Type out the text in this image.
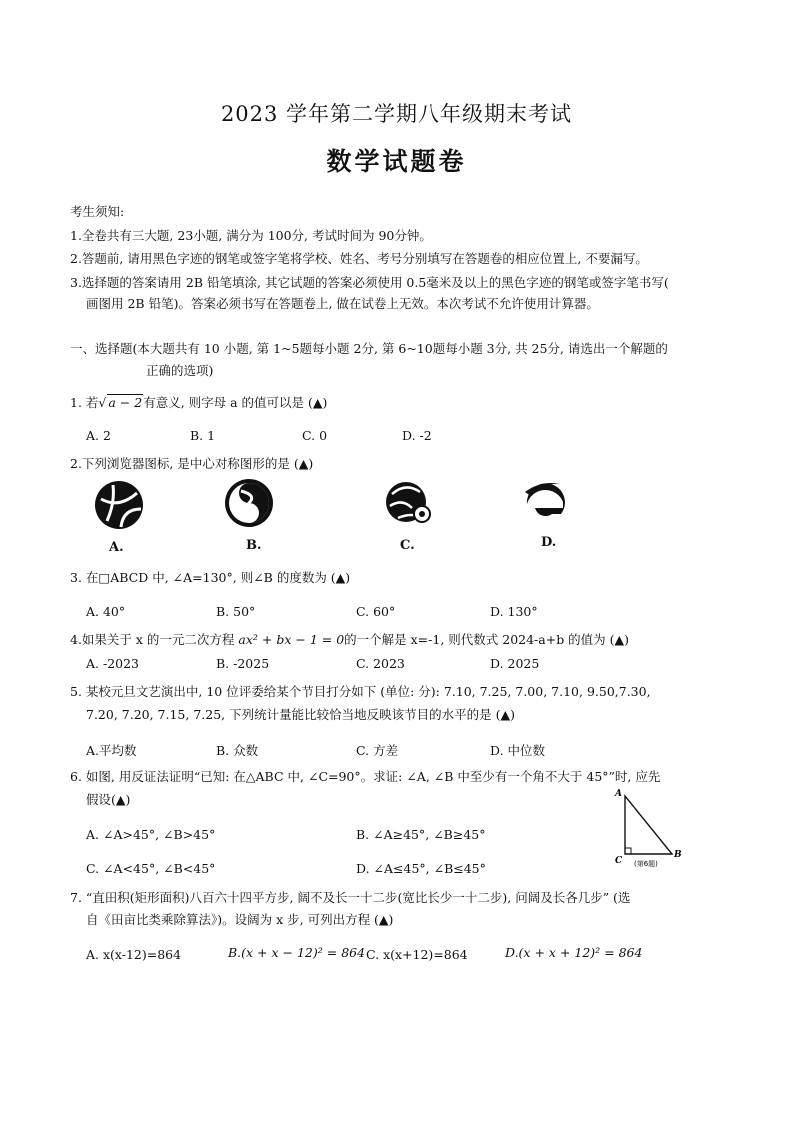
2023 学年第二学期八年级期末考试
数学试题卷
考生须知:
1.全卷共有三大题, 23小题, 满分为 100分, 考试时间为 90分钟。
2.答题前, 请用黑色字迹的钢笔或签字笔将学校、姓名、考号分别填写在答题卷的相应位置上, 不要漏写。
3.选择题的答案请用 2B 铅笔填涂, 其它试题的答案必须使用 0.5毫米及以上的黑色字迹的钢笔或签字笔书写(
画图用 2B 铅笔)。答案必须书写在答题卷上, 做在试卷上无效。本次考试不允许使用计算器。
一、选择题(本大题共有 10 小题, 第 1~5题每小题 2分, 第 6~10题每小题 3分, 共 25分, 请选出一个解题的
正确的选项)
1. 若√ a − 2有意义, 则字母 a 的值可以是 (▲)
A. 2	B. 1	C. 0	D. -2
2.下列浏览器图标, 是中心对称图形的是 (▲)
A.	B.	C.	D.
3. 在□ABCD 中, ∠A=130°, 则∠B 的度数为 (▲)
A. 40°	B. 50°	C. 60°	D. 130°
4.如果关于 x 的一元二次方程 ax² + bx − 1 = 0的一个解是 x=-1, 则代数式 2024-a+b 的值为 (▲)
A. -2023	B. -2025	C. 2023	D. 2025
5. 某校元旦文艺演出中, 10 位评委给某个节目打分如下 (单位: 分): 7.10, 7.25, 7.00, 7.10, 9.50,7.30,
7.20, 7.20, 7.15, 7.25, 下列统计量能比较恰当地反映该节目的水平的是 (▲)
A.平均数	B. 众数	C. 方差	D. 中位数
6. 如图, 用反证法证明“已知: 在△ABC 中, ∠C=90°。求证: ∠A, ∠B 中至少有一个角不大于 45°”时, 应先
假设(▲)
A. ∠A>45°, ∠B>45°	B. ∠A≥45°, ∠B≥45°
C. ∠A<45°, ∠B<45°	D. ∠A≤45°, ∠B≤45°
A
B
C (第6题)
7. “直田积(矩形面积)八百六十四平方步, 阔不及长一十二步(宽比长少一十二步), 问阔及长各几步” (选
自《田亩比类乘除算法》)。设阔为 x 步, 可列出方程 (▲)
A. x(x-12)=864	B.(x + x − 12)² = 864 C. x(x+12)=864	D.(x + x + 12)² = 864
